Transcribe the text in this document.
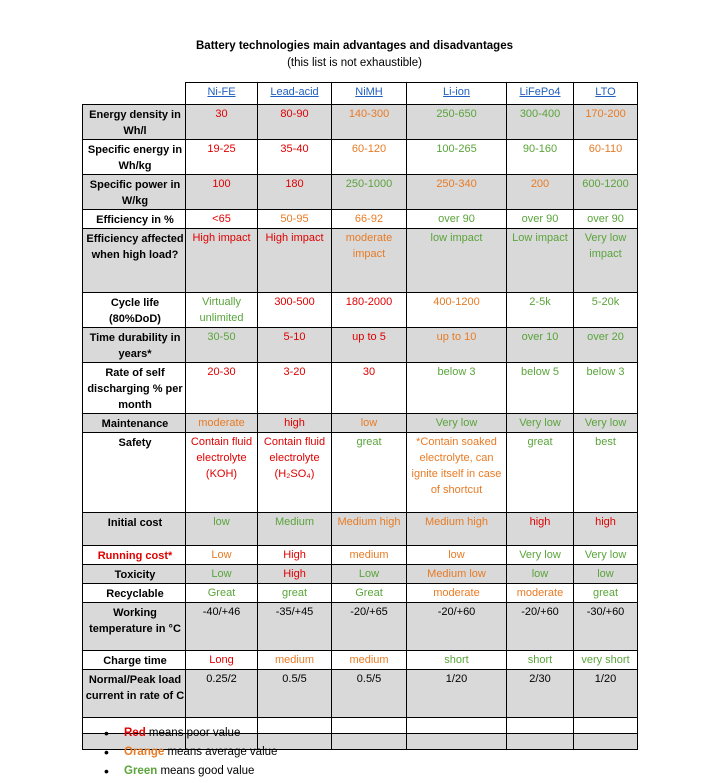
Battery technologies main advantages and disadvantages
(this list is not exhaustible)
	Ni-FE	Lead-acid	NiMH	Li-ion	LiFePo4	LTO
Energy density in Wh/l	30	80-90	140-300	250-650	300-400	170-200
Specific energy in Wh/kg	19-25	35-40	60-120	100-265	90-160	60-110
Specific power in W/kg	100	180	250-1000	250-340	200	600-1200
Efficiency in %	<65	50-95	66-92	over 90	over 90	over 90
Efficiency affected when high load?	High impact	High impact	moderate impact	low impact	Low impact	Very low impact
Cycle life (80%DoD)	Virtually unlimited	300-500	180-2000	400-1200	2-5k	5-20k
Time durability in years*	30-50	5-10	up to 5	up to 10	over 10	over 20
Rate of self discharging % per month	20-30	3-20	30	below 3	below 5	below 3
Maintenance	moderate	high	low	Very low	Very low	Very low
Safety	Contain fluid electrolyte (KOH)	Contain fluid electrolyte (H₂SO₄)	great	*Contain soaked electrolyte, can ignite itself in case of shortcut	great	best
Initial cost	low	Medium	Medium high	Medium high	high	high
Running cost*	Low	High	medium	low	Very low	Very low
Toxicity	Low	High	Low	Medium low	low	low
Recyclable	Great	great	Great	moderate	moderate	great
Working temperature in °C	-40/+46	-35/+45	-20/+65	-20/+60	-20/+60	-30/+60
Charge time	Long	medium	medium	short	short	very short
Normal/Peak load current in rate of C	0.25/2	0.5/5	0.5/5	1/20	2/30	1/20

• Red means poor value
• Orange means average value
• Green means good value
